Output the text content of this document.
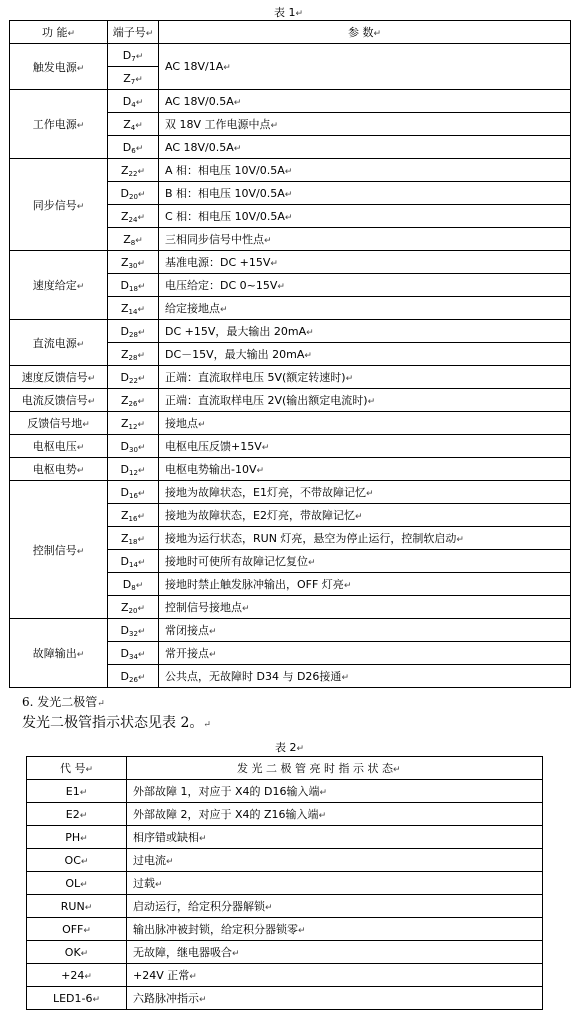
表 1↵
功 能↵	端子号↵	参 数↵
触发电源↵	$D_7↵$	AC 18V/1A↵
	$Z_7↵$	
工作电源↵	$D_4↵$	AC 18V/0.5A↵
	$Z_4↵$	双 18V 工作电源中点↵
	$D_6↵$	AC 18V/0.5A↵
同步信号↵	$Z_{22}↵$	A 相：相电压 10V/0.5A↵
	$D_{20}↵$	B 相：相电压 10V/0.5A↵
	$Z_{24}↵$	C 相：相电压 10V/0.5A↵
	$Z_8↵$	三相同步信号中性点↵
速度给定↵	$Z_{30}↵$	基准电源：DC +15V↵
	$D_{18}↵$	电压给定：DC 0~15V↵
	$Z_{14}↵$	给定接地点↵
直流电源↵	$D_{28}↵$	DC +15V，最大输出 20mA↵
	$Z_{28}↵$	DC－15V，最大输出 20mA↵
速度反馈信号↵	$D_{22}↵$	正端：直流取样电压 5V(额定转速时)↵
电流反馈信号↵	$Z_{26}↵$	正端：直流取样电压 2V(输出额定电流时)↵
反馈信号地↵	$Z_{12}↵$	接地点↵
电枢电压↵	$D_{30}↵$	电枢电压反馈+15V↵
电枢电势↵	$D_{12}↵$	电枢电势输出-10V↵
控制信号↵	$D_{16}↵$	接地为故障状态，E1灯亮，不带故障记忆↵
	$Z_{16}↵$	接地为故障状态，E2灯亮，带故障记忆↵
	$Z_{18}↵$	接地为运行状态，RUN 灯亮，悬空为停止运行，控制软启动↵
	$D_{14}↵$	接地时可使所有故障记忆复位↵
	$D_8↵$	接地时禁止触发脉冲输出，OFF 灯亮↵
	$Z_{20}↵$	控制信号接地点↵
故障输出↵	$D_{32}↵$	常闭接点↵
	$D_{34}↵$	常开接点↵
	$D_{26}↵$	公共点，无故障时 D34 与 D26接通↵
6. 发光二极管↵
发光二极管指示状态见表 2。↵
表 2↵
代 号↵	发 光 二 极 管 亮 时 指 示 状 态↵
E1↵	外部故障 1，对应于 X4的 D16输入端↵
E2↵	外部故障 2，对应于 X4的 Z16输入端↵
PH↵	相序错或缺相↵
OC↵	过电流↵
OL↵	过载↵
RUN↵	启动运行，给定积分器解锁↵
OFF↵	输出脉冲被封锁，给定积分器锁零↵
OK↵	无故障，继电器吸合↵
+24↵	+24V 正常↵
LED1-6↵	六路脉冲指示↵
